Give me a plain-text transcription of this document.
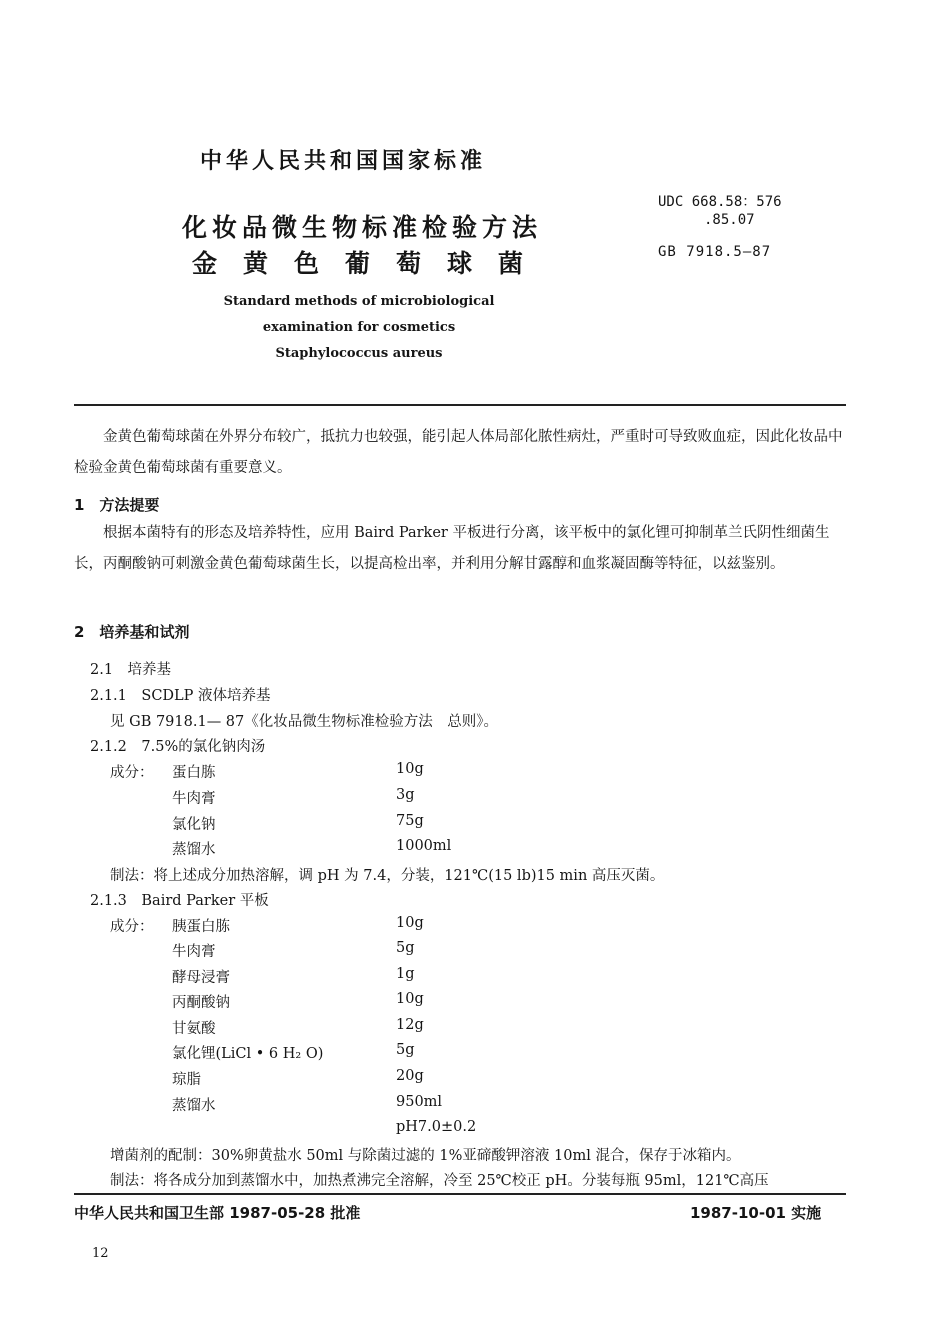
中华人民共和国国家标准
化妆品微生物标准检验方法
金黄色葡萄球菌
Standard methods of microbiological
examination for cosmetics
Staphylococcus aureus
UDC 668.58：576
.85.07
GB 7918.5—87
金黄色葡萄球菌在外界分布较广，抵抗力也较强，能引起人体局部化脓性病灶，严重时可导致败血症，因此化妆品中检验金黄色葡萄球菌有重要意义。
1　方法提要
根据本菌特有的形态及培养特性，应用 Baird Parker 平板进行分离，该平板中的氯化锂可抑制革兰氏阴性细菌生长，丙酮酸钠可刺激金黄色葡萄球菌生长，以提高检出率，并利用分解甘露醇和血浆凝固酶等特征，以兹鉴别。
2　培养基和试剂
2.1　培养基
2.1.1　SCDLP 液体培养基
见 GB 7918.1— 87《化妆品微生物标准检验方法　总则》。
2.1.2　7.5%的氯化钠肉汤
成分： 蛋白胨	10g
牛肉膏	3g
氯化钠	75g
蒸馏水	1000ml
制法：将上述成分加热溶解，调 pH 为 7.4，分装，121℃(15 lb)15 min 高压灭菌。
2.1.3　Baird Parker 平板
成分： 胰蛋白胨	10g
牛肉膏	5g
酵母浸膏	1g
丙酮酸钠	10g
甘氨酸	12g
氯化锂(LiCl • 6 H₂ O)	5g
琼脂	20g
蒸馏水	950ml
pH7.0±0.2
增菌剂的配制：30%卵黄盐水 50ml 与除菌过滤的 1%亚碲酸钾溶液 10ml 混合，保存于冰箱内。
制法：将各成分加到蒸馏水中，加热煮沸完全溶解，冷至 25℃校正 pH。分装每瓶 95ml，121℃高压
中华人民共和国卫生部 1987-05-28 批准	1987-10-01 实施
12
